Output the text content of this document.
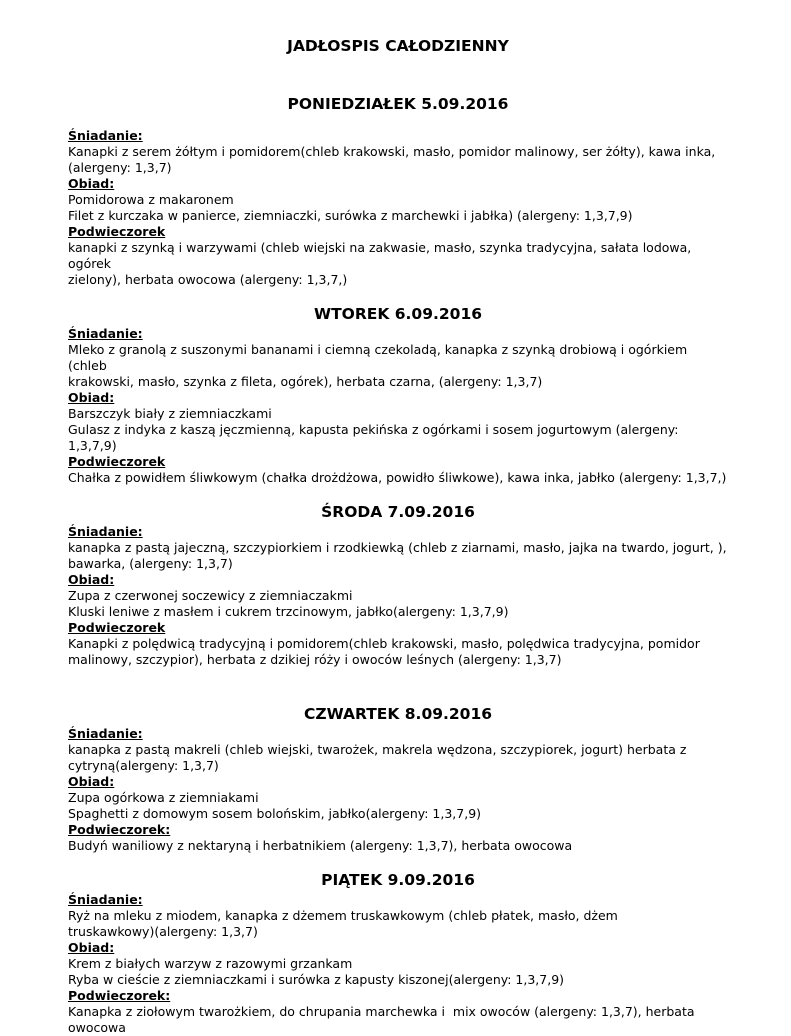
JADŁOSPIS CAŁODZIENNY
PONIEDZIAŁEK 5.09.2016
Śniadanie:
Kanapki z serem żółtym i pomidorem(chleb krakowski, masło, pomidor malinowy, ser żółty), kawa inka,
(alergeny: 1,3,7)
Obiad:
Pomidorowa z makaronem
Filet z kurczaka w panierce, ziemniaczki, surówka z marchewki i jabłka) (alergeny: 1,3,7,9)
Podwieczorek
kanapki z szynką i warzywami (chleb wiejski na zakwasie, masło, szynka tradycyjna, sałata lodowa, ogórek
zielony), herbata owocowa (alergeny: 1,3,7,)
WTOREK 6.09.2016
Śniadanie:
Mleko z granolą z suszonymi bananami i ciemną czekoladą, kanapka z szynką drobiową i ogórkiem (chleb
krakowski, masło, szynka z fileta, ogórek), herbata czarna, (alergeny: 1,3,7)
Obiad:
Barszczyk biały z ziemniaczkami
Gulasz z indyka z kaszą jęczmienną, kapusta pekińska z ogórkami i sosem jogurtowym (alergeny: 1,3,7,9)
Podwieczorek
Chałka z powidłem śliwkowym (chałka drożdżowa, powidło śliwkowe), kawa inka, jabłko (alergeny: 1,3,7,)
ŚRODA 7.09.2016
Śniadanie:
kanapka z pastą jajeczną, szczypiorkiem i rzodkiewką (chleb z ziarnami, masło, jajka na twardo, jogurt, ),
bawarka, (alergeny: 1,3,7)
Obiad:
Zupa z czerwonej soczewicy z ziemniaczakmi
Kluski leniwe z masłem i cukrem trzcinowym, jabłko(alergeny: 1,3,7,9)
Podwieczorek
Kanapki z polędwicą tradycyjną i pomidorem(chleb krakowski, masło, polędwica tradycyjna, pomidor
malinowy, szczypior), herbata z dzikiej róży i owoców leśnych (alergeny: 1,3,7)
CZWARTEK 8.09.2016
Śniadanie:
kanapka z pastą makreli (chleb wiejski, twarożek, makrela wędzona, szczypiorek, jogurt) herbata z
cytryną(alergeny: 1,3,7)
Obiad:
Zupa ogórkowa z ziemniakami
Spaghetti z domowym sosem bolońskim, jabłko(alergeny: 1,3,7,9)
Podwieczorek:
Budyń waniliowy z nektaryną i herbatnikiem (alergeny: 1,3,7), herbata owocowa
PIĄTEK 9.09.2016
Śniadanie:
Ryż na mleku z miodem, kanapka z dżemem truskawkowym (chleb płatek, masło, dżem
truskawkowy)(alergeny: 1,3,7)
Obiad:
Krem z białych warzyw z razowymi grzankam
Ryba w cieście z ziemniaczkami i surówka z kapusty kiszonej(alergeny: 1,3,7,9)
Podwieczorek:
Kanapka z ziołowym twarożkiem, do chrupania marchewka i  mix owoców (alergeny: 1,3,7), herbata owocowa
